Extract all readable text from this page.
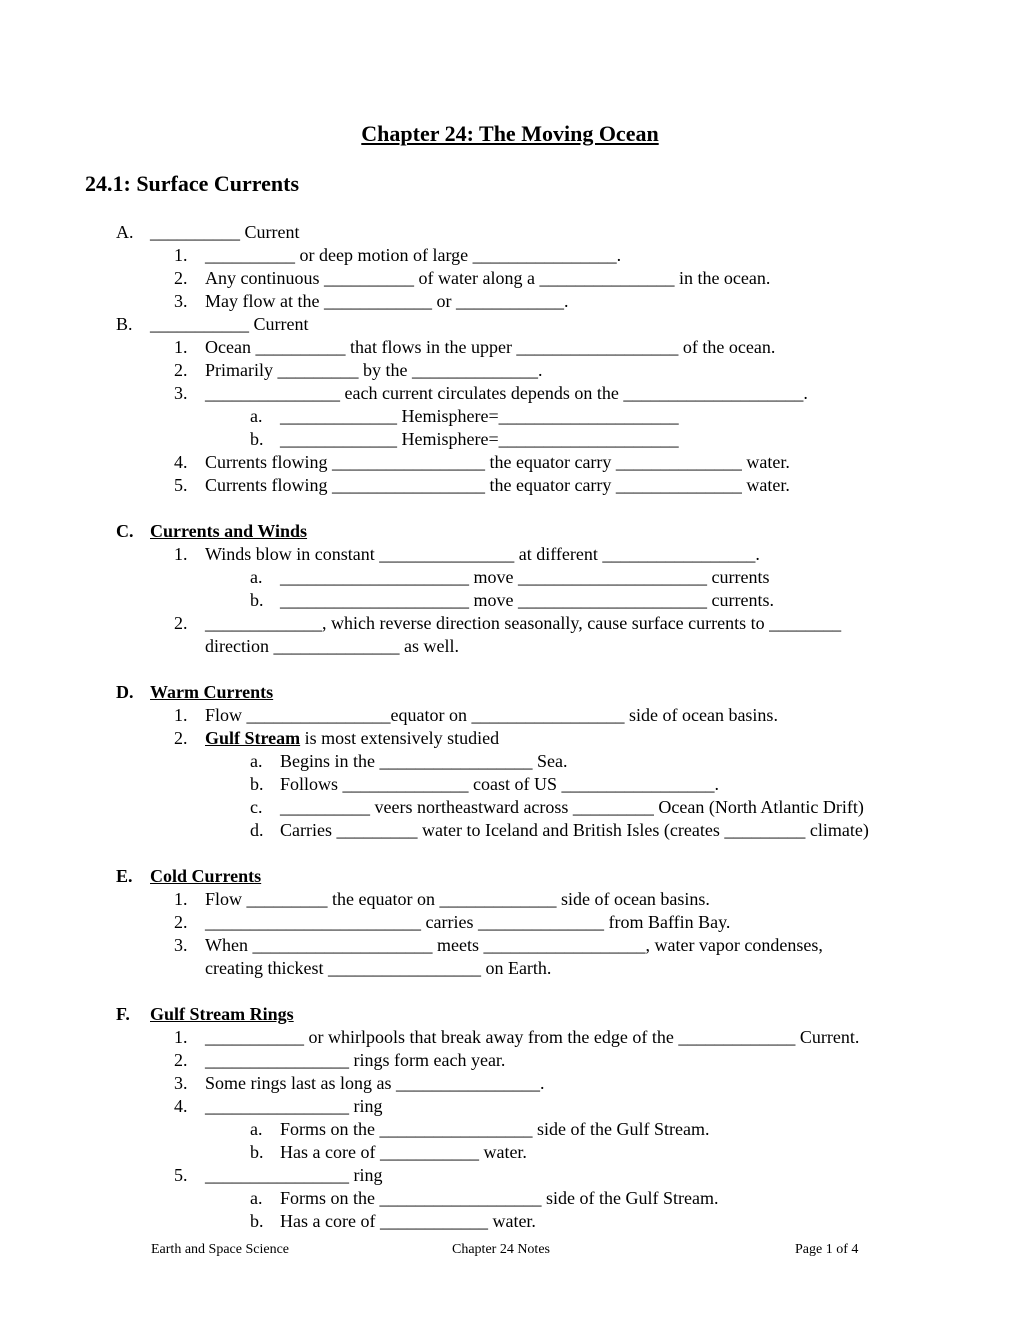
Chapter 24: The Moving Ocean
24.1: Surface Currents
A. __________ Current
1. __________ or deep motion of large ________________.
2. Any continuous __________ of water along a _______________ in the ocean.
3. May flow at the ____________ or ____________.
B. ___________ Current
1. Ocean __________ that flows in the upper __________________ of the ocean.
2. Primarily _________ by the ______________.
3. _______________ each current circulates depends on the ____________________.
a. _____________ Hemisphere=____________________
b. _____________ Hemisphere=____________________
4. Currents flowing _________________ the equator carry ______________ water.
5. Currents flowing _________________ the equator carry ______________ water.
C. Currents and Winds
1. Winds blow in constant _______________ at different _________________.
a. _____________________ move _____________________ currents
b. _____________________ move _____________________ currents.
2. _____________, which reverse direction seasonally, cause surface currents to ________
direction ______________ as well.
D. Warm Currents
1. Flow ________________equator on _________________ side of ocean basins.
2. Gulf Stream is most extensively studied
a. Begins in the _________________ Sea.
b. Follows ______________ coast of US _________________.
c. __________ veers northeastward across _________ Ocean (North Atlantic Drift)
d. Carries _________ water to Iceland and British Isles (creates _________ climate)
E. Cold Currents
1. Flow _________ the equator on _____________ side of ocean basins.
2. ________________________ carries ______________ from Baffin Bay.
3. When ____________________ meets __________________, water vapor condenses,
creating thickest _________________ on Earth.
F. Gulf Stream Rings
1. ___________ or whirlpools that break away from the edge of the _____________ Current.
2. ________________ rings form each year.
3. Some rings last as long as ________________.
4. ________________ ring
a. Forms on the _________________ side of the Gulf Stream.
b. Has a core of ___________ water.
5. ________________ ring
a. Forms on the __________________ side of the Gulf Stream.
b. Has a core of ____________ water.
Earth and Space Science	Chapter 24 Notes	Page 1 of 4
